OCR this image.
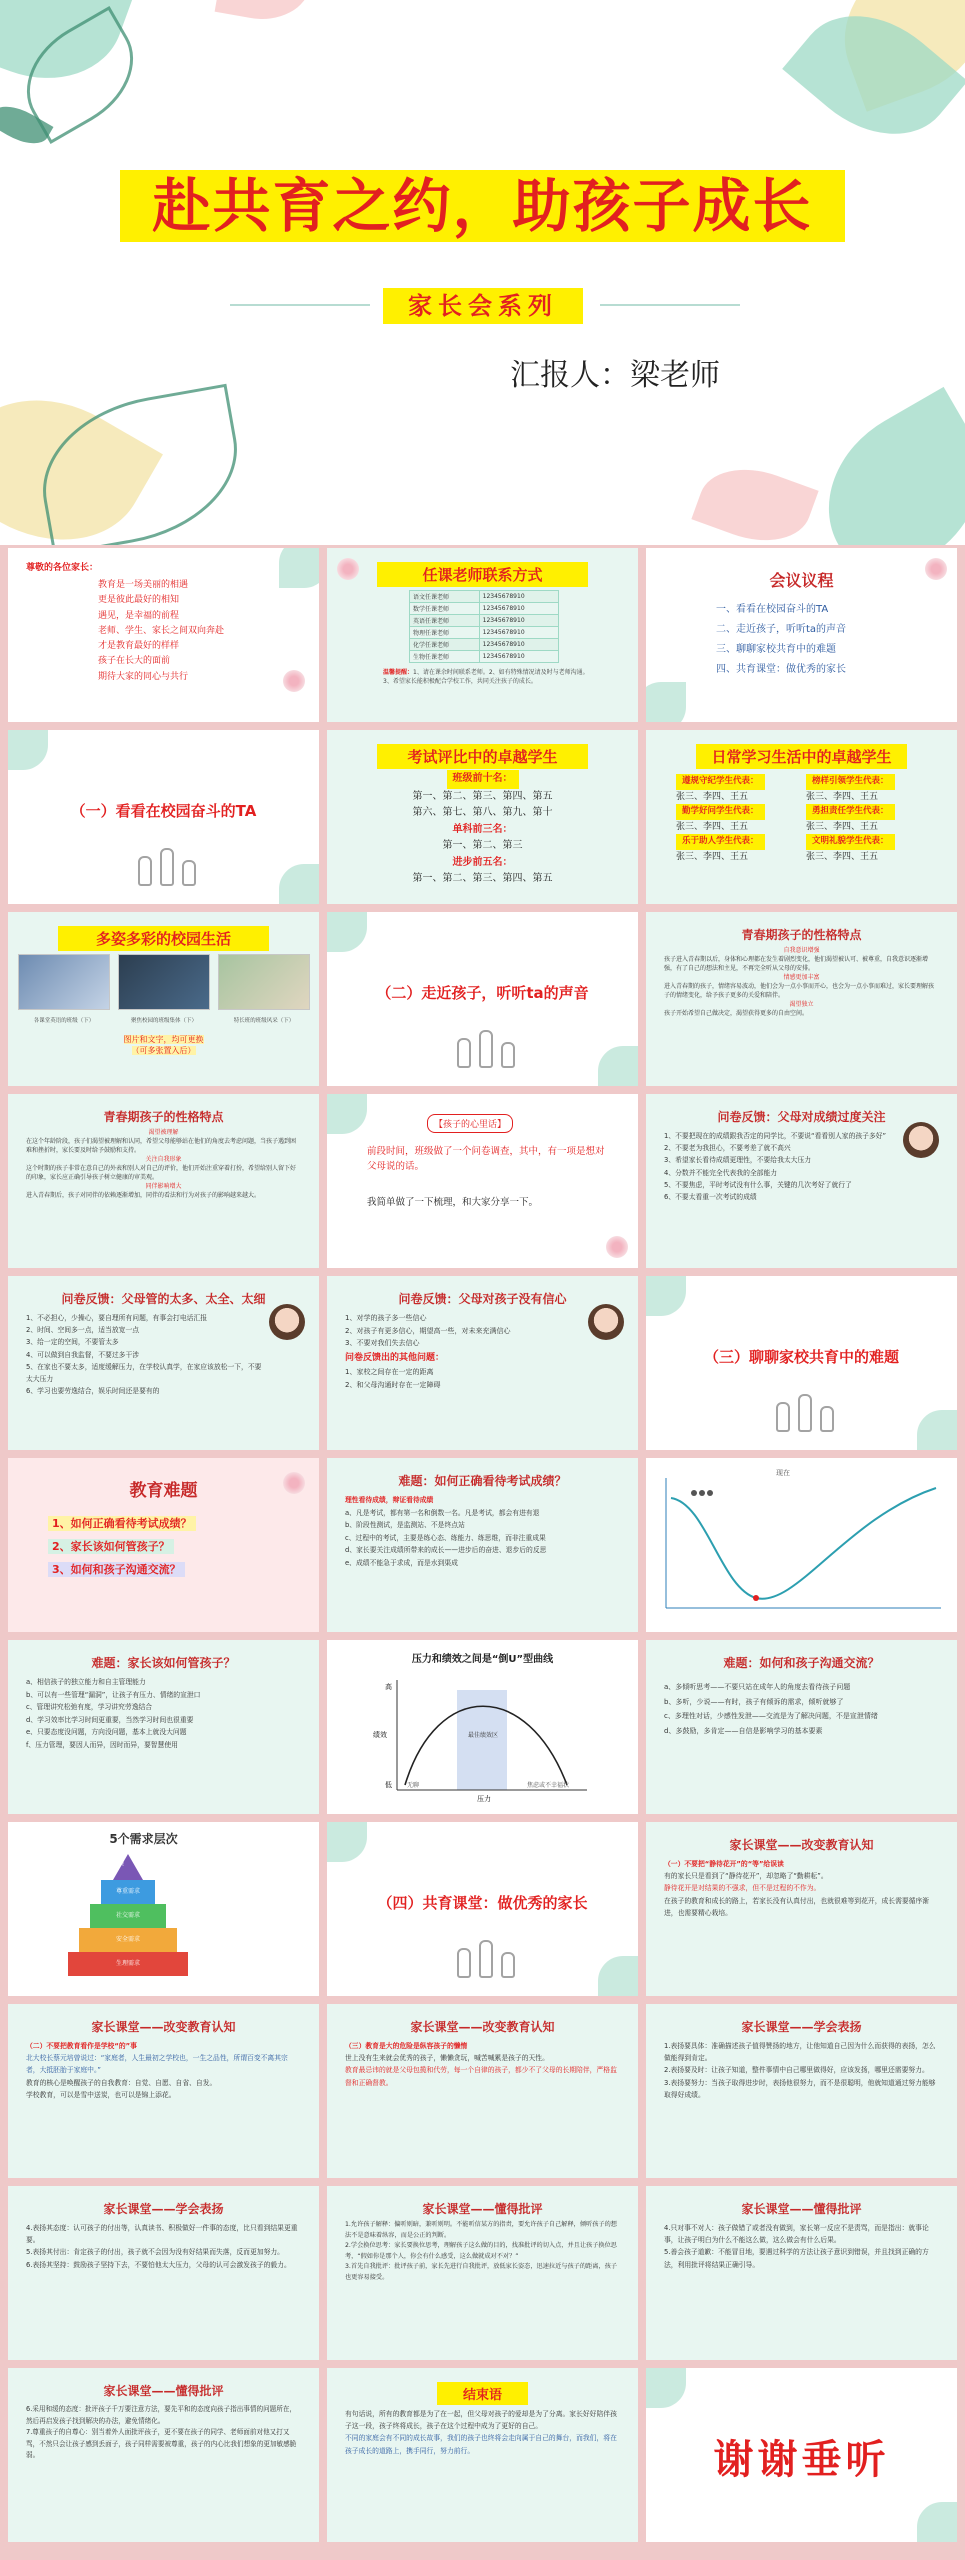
赴共育之约，助孩子成长
家长会系列
汇报人：梁老师
尊敬的各位家长：
教育是一场美丽的相遇
更是彼此最好的相知
遇见，是幸福的前程
老师、学生、家长之间双向奔赴
才是教育最好的样样
孩子在长大的面前
期待大家的同心与共行
任课老师联系方式
语文任课老师	12345678910
数学任课老师	12345678910
英语任课老师	12345678910
物理任课老师	12345678910
化学任课老师	12345678910
生物任课老师	12345678910
温馨提醒：1、请在课余时间联系老师。2、如有特殊情况请及时与老师沟通。3、希望家长能积极配合学校工作，共同关注孩子的成长。
会议议程
一、看看在校园奋斗的TA
二、走近孩子，听听ta的声音
三、聊聊家校共育中的难题
四、共育课堂：做优秀的家长
（一）看看在校园奋斗的TA
考试评比中的卓越学生
班级前十名：
第一、第二、第三、第四、第五
第六、第七、第八、第九、第十
单科前三名：
第一、第二、第三
进步前五名：
第一、第二、第三、第四、第五
日常学习生活中的卓越学生
遵规守纪学生代表：
张三、李四、王五
勤学好问学生代表：
张三、李四、王五
乐于助人学生代表：
张三、李四、王五
榜样引领学生代表：
张三、李四、王五
勇担责任学生代表：
张三、李四、王五
文明礼貌学生代表：
张三、李四、王五
多姿多彩的校园生活
各课堂英语的班级（下）	聚焦校园的班级集体（下）	特长班的班级风采（下）
图片和文字，均可更换
（可多张置入后）
（二）走近孩子，听听ta的声音
青春期孩子的性格特点
自我意识增强
孩子进入青春期以后，身体和心理都在发生着剧烈变化，他们渴望被认可、被尊重，自我意识逐渐增强，有了自己的想法和主见，不再完全听从父母的安排。
情感更加丰富
进入青春期的孩子，情绪容易波动，他们会为一点小事而开心，也会为一点小事而难过，家长要理解孩子的情绪变化，给予孩子更多的关爱和陪伴。
渴望独立
孩子开始希望自己做决定，渴望获得更多的自由空间。
青春期孩子的性格特点
渴望被理解
在这个年龄阶段，孩子们渴望被理解和认同，希望父母能够站在他们的角度去考虑问题，当孩子遇到困难和挫折时，家长要及时给予鼓励和支持。
关注自我形象
这个时期的孩子非常在意自己的外表和别人对自己的评价，他们开始注重穿着打扮，希望给别人留下好的印象，家长应正确引导孩子树立健康的审美观。
同伴影响增大
进入青春期后，孩子对同伴的依赖逐渐增加，同伴的看法和行为对孩子的影响越来越大。
【孩子的心里话】
前段时间，班级做了一个问卷调查，其中，有一项是想对父母说的话。
我简单做了一下梳理，和大家分享一下。
问卷反馈：父母对成绩过度关注
1、不要把现在的成绩跟我否定的同学比，不要说“看看别人家的孩子多好”
2、不要老为我担心，不要考差了就不高兴
3、希望家长看待成绩更理性，不要给我太大压力
4、分数并不能完全代表我的全部能力
5、不要焦虑，平时考试没有什么事，关键的几次考好了就行了
6、不要太看重一次考试的成绩
问卷反馈：父母管的太多、太全、太细
1、不必担心，少操心，要自理所有问题，有事会打电话汇报
2、时间、空间多一点，适当放宽一点
3、给一定的空间，不要管太多
4、可以做到自我监督，不要过多干涉
5、在家也不要太多，适度缓解压力，在学校认真学，在家应该放松一下，不要太大压力
6、学习也要劳逸结合，娱乐时间还是要有的
问卷反馈：父母对孩子没有信心
1、对学的孩子多一些信心
2、对孩子有更多信心，期望高一些，对未来充满信心
3、不要对我们失去信心
问卷反馈出的其他问题：
1、家校之间存在一定的距离
2、和父母沟通时存在一定障碍
（三）聊聊家校共育中的难题
教育难题
1、如何正确看待考试成绩？
2、家长该如何管孩子？
3、如何和孩子沟通交流？
难题：如何正确看待考试成绩？
理性看待成绩，辩证看待成绩
a、凡是考试，都有第一名和倒数一名。凡是考试，都会有进有退
b、阶段性测试，是监测站、不是终点站
c、过程中的考试，主要是练心态、练能力、练思维，而非注重成果
d、家长要关注成绩所带来的成长——进步后的奋进、退步后的反思
e、成绩不能急于求成，而是水到渠成
现在
难题：家长该如何管孩子？
a、相信孩子的独立能力和自主管理能力
b、可以有一些管理“漏洞”，让孩子有压力、情绪的宣泄口
c、管理讲究松弛有度，学习讲究劳逸结合
d、学习效率比学习时间更重要，当然学习时间也很重要
e、只要态度没问题，方向没问题，基本上就没大问题
f、压力管理，要因人而异，因时而异，要智慧使用
压力和绩效之间是“倒U”型曲线
高
低
绩效
压力
无聊	焦虑或不幸福状
最佳绩效区
难题：如何和孩子沟通交流？
a、多倾听思考——不要只站在成年人的角度去看待孩子问题
b、多听，少说——有时，孩子有倾诉的需求，倾听就够了
c、多理性对话，少感性发泄——交流是为了解决问题，不是宣泄情绪
d、多鼓励，多肯定——自信是影响学习的基本要素
5个需求层次
尊重需求
社交需求
安全需求
生理需求
自我实现
（四）共育课堂：做优秀的家长
家长课堂——改变教育认知
（一）不要把“静待花开”的“等”给误读
有的家长只是看到了“静待花开”，却忽略了“勤耕耘”。
静待花开是对结果的不强求，但不是过程的不作为。
在孩子的教育和成长的路上，若家长没有认真付出，也就很难等到花开，成长需要循序渐进，也需要精心栽培。
家长课堂——改变教育认知
（二）不要把教育看作是学校“的”事
北大校长蔡元培曾说过：“家庭者，人生最初之学校也，一生之品性，所谓百变不离其宗者，大抵胚胎于家庭中。”
教育的核心是唤醒孩子的自我教育：自觉、自愿、自省、自发。
学校教育，可以是雪中送炭，也可以是锦上添花。
家长课堂——改变教育认知
（三）教育是大的危险是纵容孩子的懒惰
世上没有生来就会优秀的孩子，懒懒贪玩，喊苦喊累是孩子的天性。
教育最忌讳的就是父母包揽和代劳，每一个自律的孩子，都少不了父母的长期陪伴，严格监督和正确督教。
家长课堂——学会表扬
1.表扬要具体：准确描述孩子值得赞扬的地方，让他知道自己因为什么而获得的表扬，怎么做能得到肯定。
2.表扬要及时：让孩子知道，整件事情中自己哪里做得好，应该发扬，哪里还需要努力。
3.表扬要努力：当孩子取得进步时，表扬他很努力，而不是很聪明，他就知道通过努力能够取得好成绩。
家长课堂——学会表扬
4.表扬其态度：认可孩子的付出等，认真读书、积极做好一件事的态度，比只看到结果更重要。
5.表扬其付出：肯定孩子的付出，孩子就不会因为没有好结果而失落，反而更加努力。
6.表扬其坚持：鼓励孩子坚持下去，不要怕他太大压力，父母的认可会激发孩子的毅力。
家长课堂——懂得批评
1.允许孩子解释：偏听则暗，兼听则明。不能听信某方的指责，要允许孩子自己解释，倾听孩子的想法不是意味着纵容，而是公正的判断。
2.学会换位思考：家长要换位思考，理解孩子这么做的目的，找准批评的切入点，并且让孩子换位思考，“假如你是那个人，你会有什么感受，这么做就成对不对？”
3.首先自我批评：批评孩子前，家长先进行自我批评，放低家长姿态，迅速拉近与孩子的距离，孩子也更容易接受。
家长课堂——懂得批评
4.只对事不对人：孩子做错了或者没有做到，家长第一反应不是责骂，而是指出：就事论事，让孩子明白为什么不能这么做，这么做会有什么后果。
5.善会孩子道歉：不能冒目地，要遇过科学的方法让孩子意识到错误，并且找到正确的方法，利用批评将结果正确引导。
家长课堂——懂得批评
6.采用和缓的态度：批评孩子千万要注意方法，要先平和的态度向孩子指出事情的问题所在，然后再启发孩子找到解决的办法，避免情绪化。
7.尊重孩子的自尊心：别当着外人面批评孩子，更不要在孩子的同学、老师面前对他又打又骂，不然只会让孩子感到丢面子，孩子同样需要被尊重，孩子的内心比我们想象的更加敏感脆弱。
结束语
有句话说，所有的教育都是为了在一起，但父母对孩子的爱却是为了分离。家长好好陪伴孩子这一段，孩子终将成长，孩子在这个过程中成为了更好的自己。
不同的家庭会有不同的成长故事，我们的孩子也终将会走向属于自己的舞台，而我们，将在孩子成长的道路上，携手同行，努力前行。	谢谢垂听
